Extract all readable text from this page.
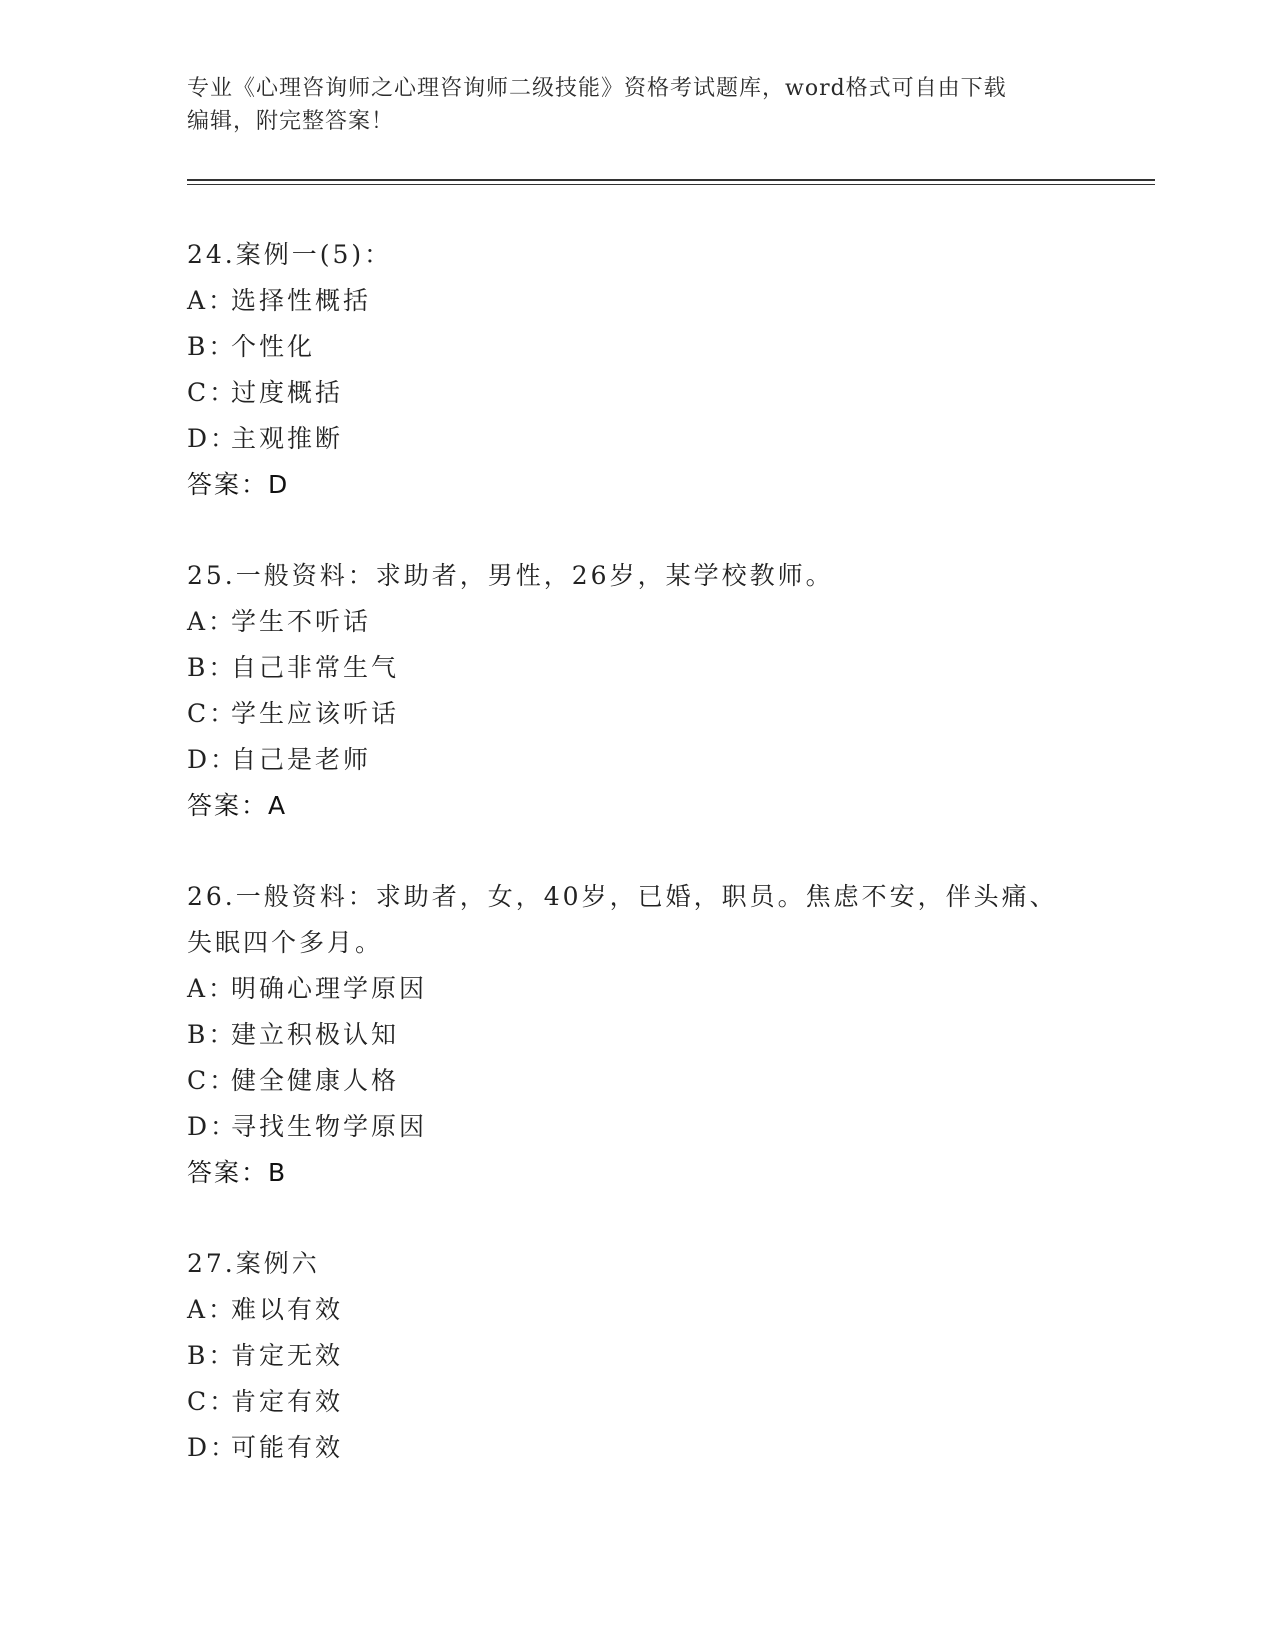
专业《心理咨询师之心理咨询师二级技能》资格考试题库，word格式可自由下载
编辑，附完整答案！
24.案例一(5)：
A：选择性概括
B：个性化
C：过度概括
D：主观推断
答案：D
25.一般资料：求助者，男性，26岁，某学校教师。
A：学生不听话
B：自己非常生气
C：学生应该听话
D：自己是老师
答案：A
26.一般资料：求助者，女，40岁，已婚，职员。焦虑不安，伴头痛、
失眠四个多月。
A：明确心理学原因
B：建立积极认知
C：健全健康人格
D：寻找生物学原因
答案：B
27.案例六
A：难以有效
B：肯定无效
C：肯定有效
D：可能有效
